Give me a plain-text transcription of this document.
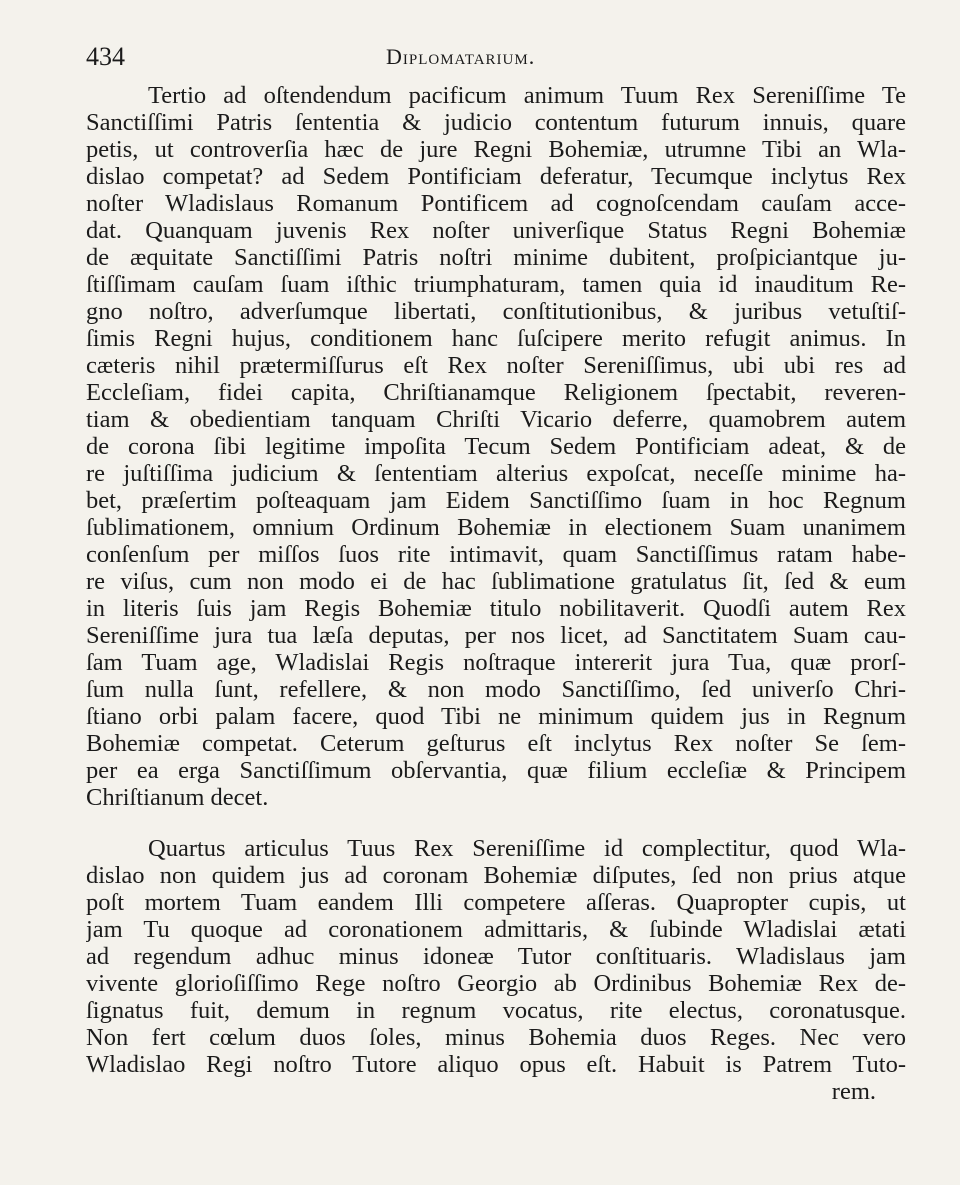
434	Diplomatarium.
Tertio ad oſtendendum pacificum animum Tuum Rex Sereniſſime Te
Sanctiſſimi Patris ſententia & judicio contentum futurum innuis, quare
petis, ut controverſia hæc de jure Regni Bohemiæ, utrumne Tibi an Wla-
dislao competat? ad Sedem Pontificiam deferatur, Tecumque inclytus Rex
noſter Wladislaus Romanum Pontificem ad cognoſcendam cauſam acce-
dat. Quanquam juvenis Rex noſter univerſique Status Regni Bohemiæ
de æquitate Sanctiſſimi Patris noſtri minime dubitent, proſpiciantque ju-
ſtiſſimam cauſam ſuam iſthic triumphaturam, tamen quia id inauditum Re-
gno noſtro, adverſumque libertati, conſtitutionibus, & juribus vetuſtiſ-
ſimis Regni hujus, conditionem hanc ſuſcipere merito refugit animus. In
cæteris nihil prætermiſſurus eſt Rex noſter Sereniſſimus, ubi ubi res ad
Eccleſiam, fidei capita, Chriſtianamque Religionem ſpectabit, reveren-
tiam & obedientiam tanquam Chriſti Vicario deferre, quamobrem autem
de corona ſibi legitime impoſita Tecum Sedem Pontificiam adeat, & de
re juſtiſſima judicium & ſententiam alterius expoſcat, neceſſe minime ha-
bet, præſertim poſteaquam jam Eidem Sanctiſſimo ſuam in hoc Regnum
ſublimationem, omnium Ordinum Bohemiæ in electionem Suam unanimem
conſenſum per miſſos ſuos rite intimavit, quam Sanctiſſimus ratam habe-
re viſus, cum non modo ei de hac ſublimatione gratulatus ſit, ſed & eum
in literis ſuis jam Regis Bohemiæ titulo nobilitaverit. Quodſi autem Rex
Sereniſſime jura tua læſa deputas, per nos licet, ad Sanctitatem Suam cau-
ſam Tuam age, Wladislai Regis noſtraque intererit jura Tua, quæ prorſ-
ſum nulla ſunt, refellere, & non modo Sanctiſſimo, ſed univerſo Chri-
ſtiano orbi palam facere, quod Tibi ne minimum quidem jus in Regnum
Bohemiæ competat. Ceterum geſturus eſt inclytus Rex noſter Se ſem-
per ea erga Sanctiſſimum obſervantia, quæ filium eccleſiæ & Principem
Chriſtianum decet.
Quartus articulus Tuus Rex Sereniſſime id complectitur, quod Wla-
dislao non quidem jus ad coronam Bohemiæ diſputes, ſed non prius atque
poſt mortem Tuam eandem Illi competere aſſeras. Quapropter cupis, ut
jam Tu quoque ad coronationem admittaris, & ſubinde Wladislai ætati
ad regendum adhuc minus idoneæ Tutor conſtituaris. Wladislaus jam
vivente glorioſiſſimo Rege noſtro Georgio ab Ordinibus Bohemiæ Rex de-
ſignatus fuit, demum in regnum vocatus, rite electus, coronatusque.
Non fert cœlum duos ſoles, minus Bohemia duos Reges. Nec vero
Wladislao Regi noſtro Tutore aliquo opus eſt. Habuit is Patrem Tuto-
rem.
